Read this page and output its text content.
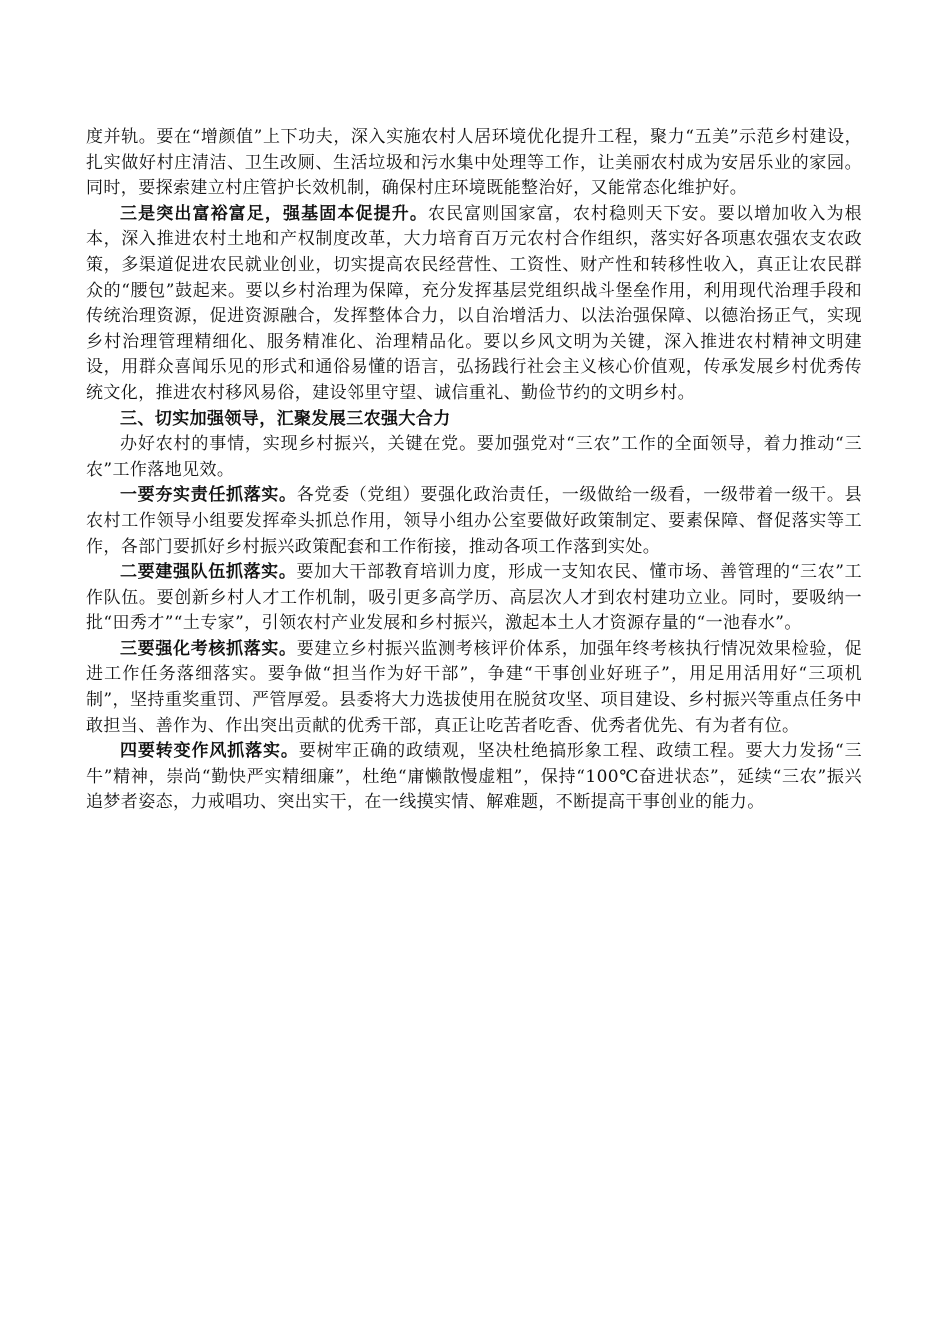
度并轨。要在“增颜值”上下功夫，深入实施农村人居环境优化提升工程，聚力“五美”示范乡村建设，扎实做好村庄清洁、卫生改厕、生活垃圾和污水集中处理等工作，让美丽农村成为安居乐业的家园。同时，要探索建立村庄管护长效机制，确保村庄环境既能整治好，又能常态化维护好。

三是突出富裕富足，强基固本促提升。农民富则国家富，农村稳则天下安。要以增加收入为根本，深入推进农村土地和产权制度改革，大力培育百万元农村合作组织，落实好各项惠农强农支农政策，多渠道促进农民就业创业，切实提高农民经营性、工资性、财产性和转移性收入，真正让农民群众的“腰包”鼓起来。要以乡村治理为保障，充分发挥基层党组织战斗堡垒作用，利用现代治理手段和传统治理资源，促进资源融合，发挥整体合力，以自治增活力、以法治强保障、以德治扬正气，实现乡村治理管理精细化、服务精准化、治理精品化。要以乡风文明为关键，深入推进农村精神文明建设，用群众喜闻乐见的形式和通俗易懂的语言，弘扬践行社会主义核心价值观，传承发展乡村优秀传统文化，推进农村移风易俗，建设邻里守望、诚信重礼、勤俭节约的文明乡村。

三、切实加强领导，汇聚发展三农强大合力

办好农村的事情，实现乡村振兴，关键在党。要加强党对“三农”工作的全面领导，着力推动“三农”工作落地见效。

一要夯实责任抓落实。各党委（党组）要强化政治责任，一级做给一级看，一级带着一级干。县农村工作领导小组要发挥牵头抓总作用，领导小组办公室要做好政策制定、要素保障、督促落实等工作，各部门要抓好乡村振兴政策配套和工作衔接，推动各项工作落到实处。

二要建强队伍抓落实。要加大干部教育培训力度，形成一支知农民、懂市场、善管理的“三农”工作队伍。要创新乡村人才工作机制，吸引更多高学历、高层次人才到农村建功立业。同时，要吸纳一批“田秀才”“土专家”，引领农村产业发展和乡村振兴，激起本土人才资源存量的“一池春水”。

三要强化考核抓落实。要建立乡村振兴监测考核评价体系，加强年终考核执行情况效果检验，促进工作任务落细落实。要争做“担当作为好干部”，争建“干事创业好班子”，用足用活用好“三项机制”，坚持重奖重罚、严管厚爱。县委将大力选拔使用在脱贫攻坚、项目建设、乡村振兴等重点任务中敢担当、善作为、作出突出贡献的优秀干部，真正让吃苦者吃香、优秀者优先、有为者有位。

四要转变作风抓落实。要树牢正确的政绩观，坚决杜绝搞形象工程、政绩工程。要大力发扬“三牛”精神，崇尚“勤快严实精细廉”，杜绝“庸懒散慢虚粗”，保持“100℃奋进状态”，延续“三农”振兴追梦者姿态，力戒唱功、突出实干，在一线摸实情、解难题，不断提高干事创业的能力。
